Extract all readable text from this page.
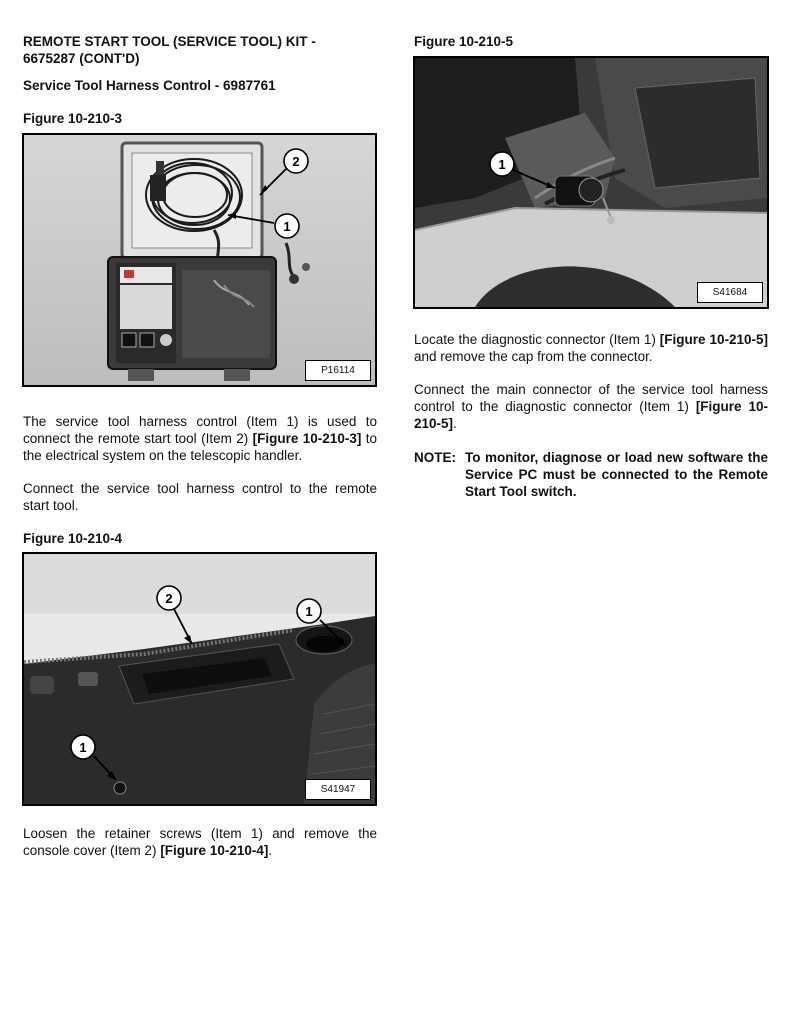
REMOTE START TOOL (SERVICE TOOL) KIT -
6675287 (CONT'D)
Service Tool Harness Control - 6987761
Figure 10-210-3
2
1
P16114
The service tool harness control (Item 1) is used to connect the remote start tool (Item 2) [Figure 10-210-3] to the electrical system on the telescopic handler.
Connect the service tool harness control to the remote start tool.
Figure 10-210-4
2
1
1
S41947
Loosen the retainer screws (Item 1) and remove the console cover (Item 2) [Figure 10-210-4].
Figure 10-210-5
1
S41684
Locate the diagnostic connector (Item 1) [Figure 10-210-5] and remove the cap from the connector.
Connect the main connector of the service tool harness control to the diagnostic connector (Item 1) [Figure 10-210-5].
NOTE: To monitor, diagnose or load new software the Service PC must be connected to the Remote Start Tool switch.
